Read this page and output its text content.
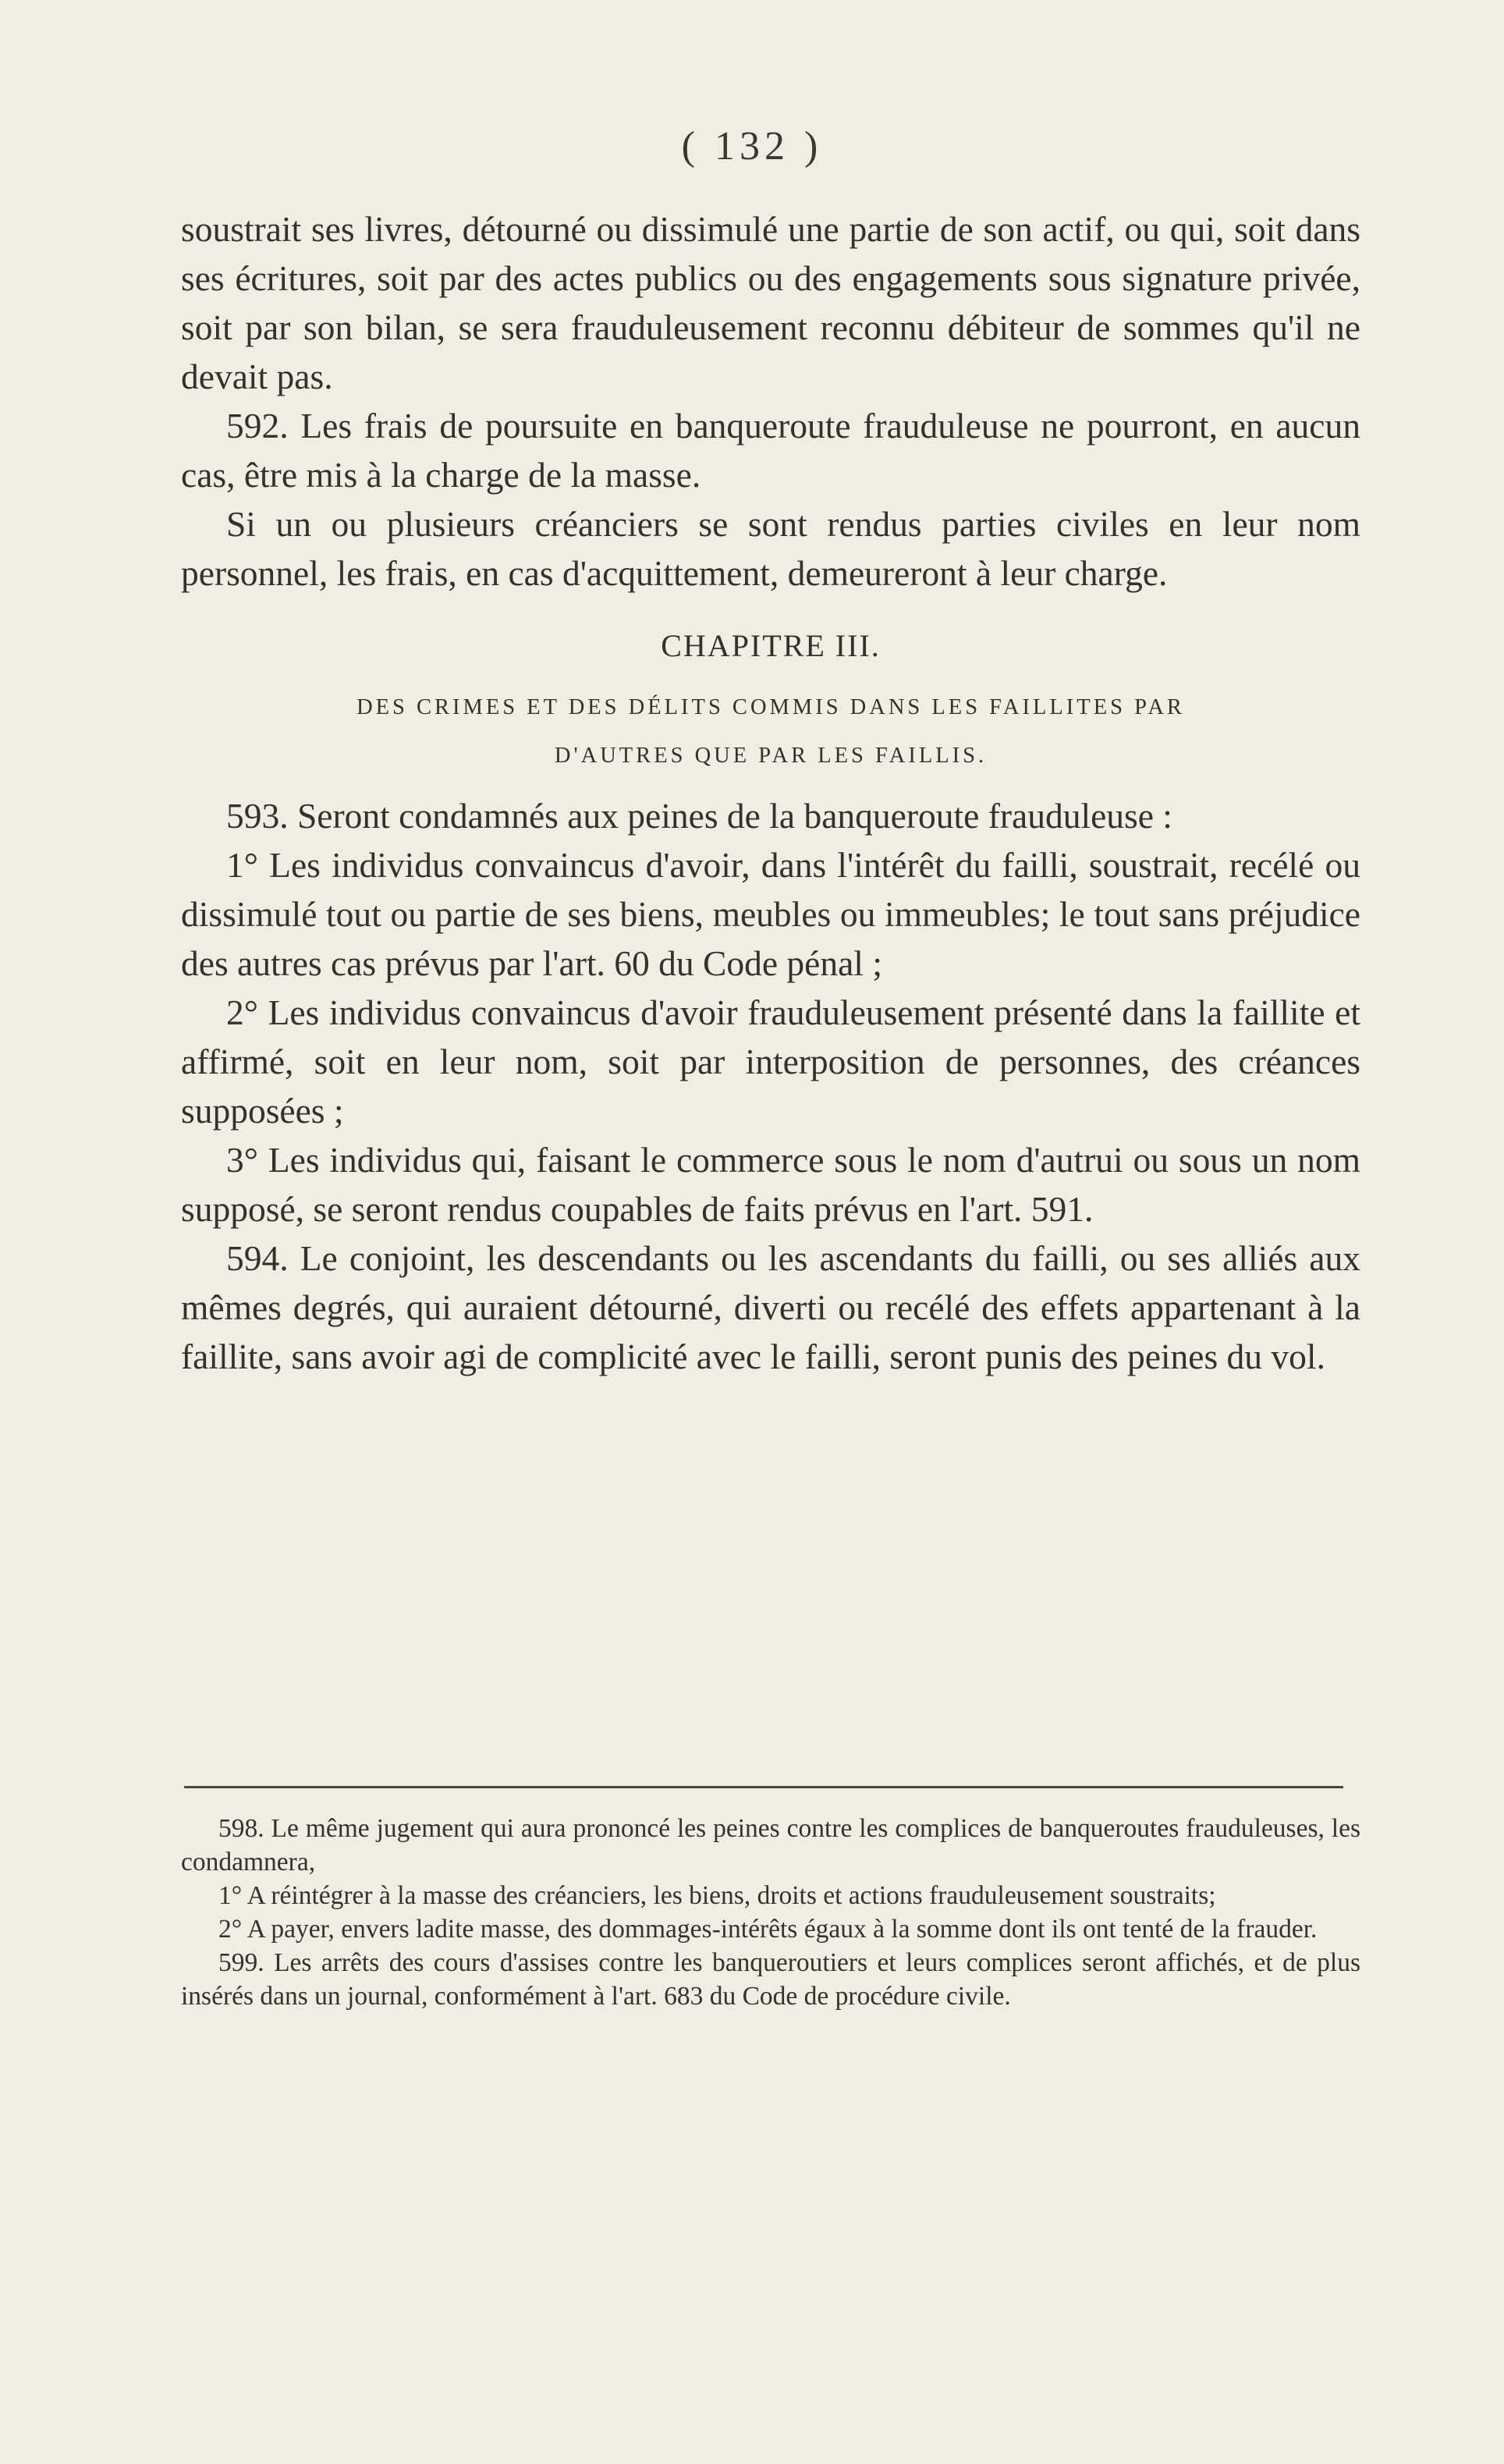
( 132 )

soustrait ses livres, détourné ou dissimulé une partie de son actif, ou qui, soit dans ses écritures, soit par des actes publics ou des engagements sous signature privée, soit par son bilan, se sera frauduleusement reconnu débiteur de sommes qu'il ne devait pas.

592. Les frais de poursuite en banqueroute frauduleuse ne pourront, en aucun cas, être mis à la charge de la masse.

Si un ou plusieurs créanciers se sont rendus parties civiles en leur nom personnel, les frais, en cas d'acquittement, demeureront à leur charge.

CHAPITRE III.
DES CRIMES ET DES DÉLITS COMMIS DANS LES FAILLITES PAR
D'AUTRES QUE PAR LES FAILLIS.

593. Seront condamnés aux peines de la banqueroute frauduleuse :

1° Les individus convaincus d'avoir, dans l'intérêt du failli, soustrait, recélé ou dissimulé tout ou partie de ses biens, meubles ou immeubles; le tout sans préjudice des autres cas prévus par l'art. 60 du Code pénal ;

2° Les individus convaincus d'avoir frauduleusement présenté dans la faillite et affirmé, soit en leur nom, soit par interposition de personnes, des créances supposées ;

3° Les individus qui, faisant le commerce sous le nom d'autrui ou sous un nom supposé, se seront rendus coupables de faits prévus en l'art. 591.

594. Le conjoint, les descendants ou les ascendants du failli, ou ses alliés aux mêmes degrés, qui auraient détourné, diverti ou recélé des effets appartenant à la faillite, sans avoir agi de complicité avec le failli, seront punis des peines du vol.

598. Le même jugement qui aura prononcé les peines contre les complices de banqueroutes frauduleuses, les condamnera,

1° A réintégrer à la masse des créanciers, les biens, droits et actions frauduleusement soustraits;

2° A payer, envers ladite masse, des dommages-intérêts égaux à la somme dont ils ont tenté de la frauder.

599. Les arrêts des cours d'assises contre les banqueroutiers et leurs complices seront affichés, et de plus insérés dans un journal, conformément à l'art. 683 du Code de procédure civile.
